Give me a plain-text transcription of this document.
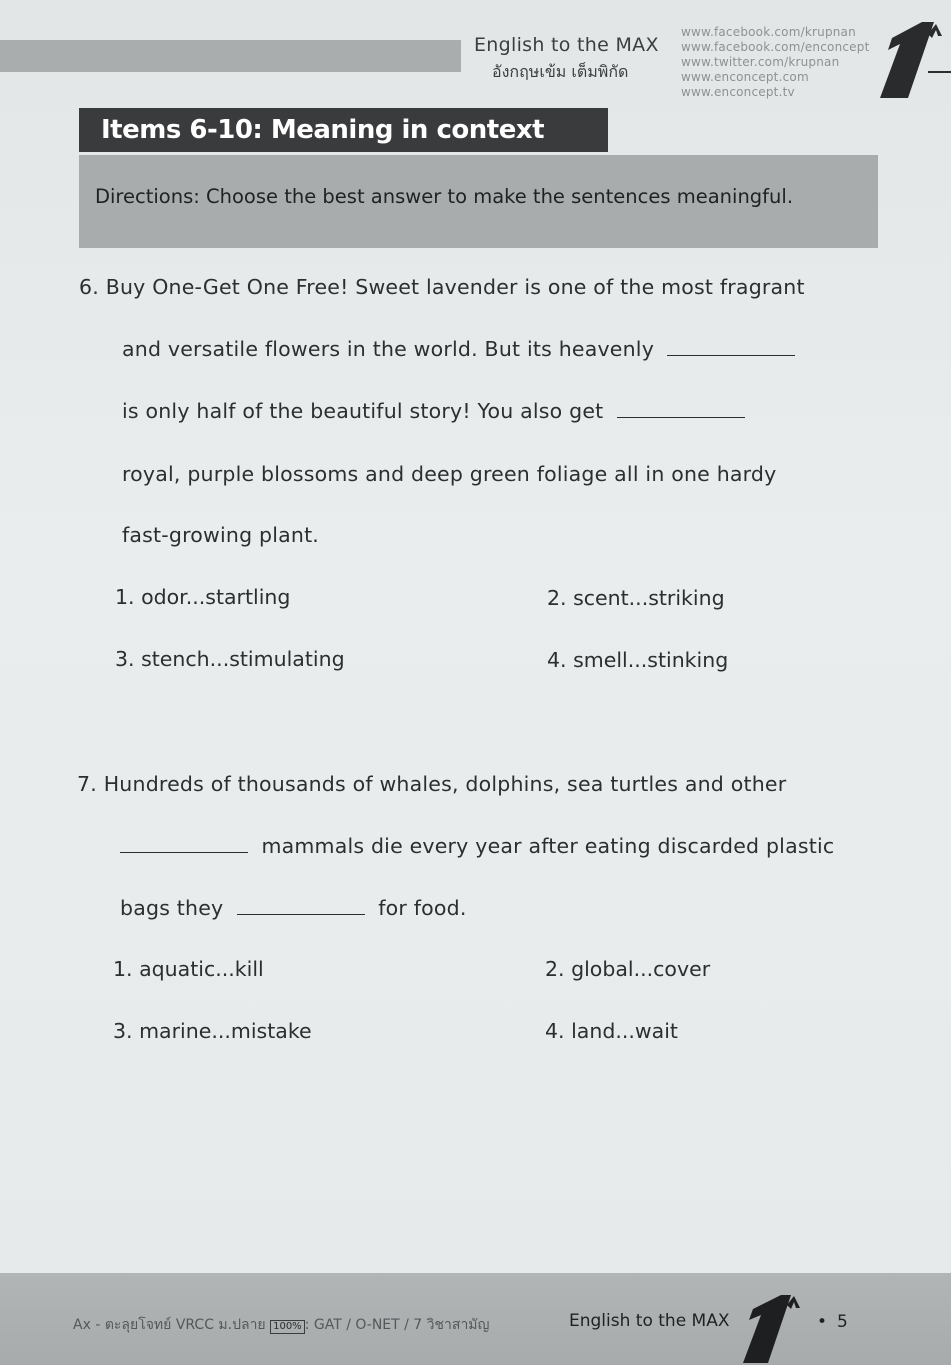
English to the MAX
อังกฤษเข้ม เต็มพิกัด
www.facebook.com/krupnan
www.facebook.com/enconcept
www.twitter.com/krupnan
www.enconcept.com
www.enconcept.tv
Items 6-10: Meaning in context
Directions: Choose the best answer to make the sentences meaningful.
6. Buy One-Get One Free! Sweet lavender is one of the most fragrant
and versatile flowers in the world. But its heavenly
is only half of the beautiful story! You also get
royal, purple blossoms and deep green foliage all in one hardy
fast-growing plant.
1. odor...startling	2. scent...striking
3. stench...stimulating	4. smell...stinking
7. Hundreds of thousands of whales, dolphins, sea turtles and other
mammals die every year after eating discarded plastic
bags they	for food.
1. aquatic...kill	2. global...cover
3. marine...mistake	4. land...wait
Ax - ตะลุยโจทย์ VRCC ม.ปลาย 100% : GAT / O-NET / 7 วิชาสามัญ	English to the MAX	• 5
